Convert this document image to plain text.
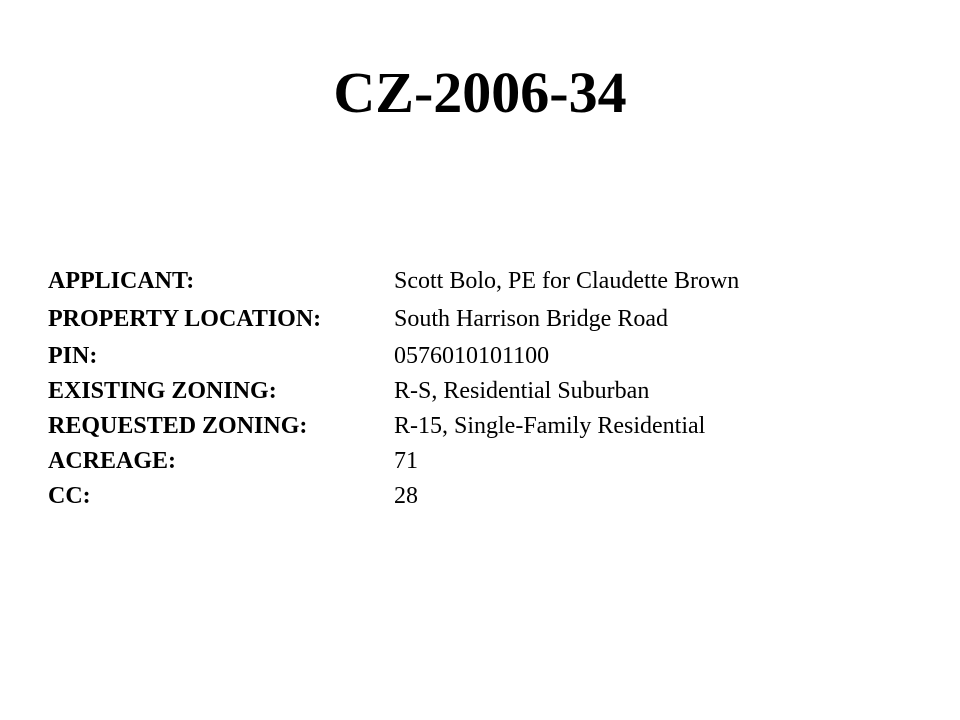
CZ-2006-34
APPLICANT:	Scott Bolo, PE for Claudette Brown
PROPERTY LOCATION:	South Harrison Bridge Road
PIN:	0576010101100
EXISTING ZONING:	R-S, Residential Suburban
REQUESTED ZONING:	R-15, Single-Family Residential
ACREAGE:	71
CC:	28
